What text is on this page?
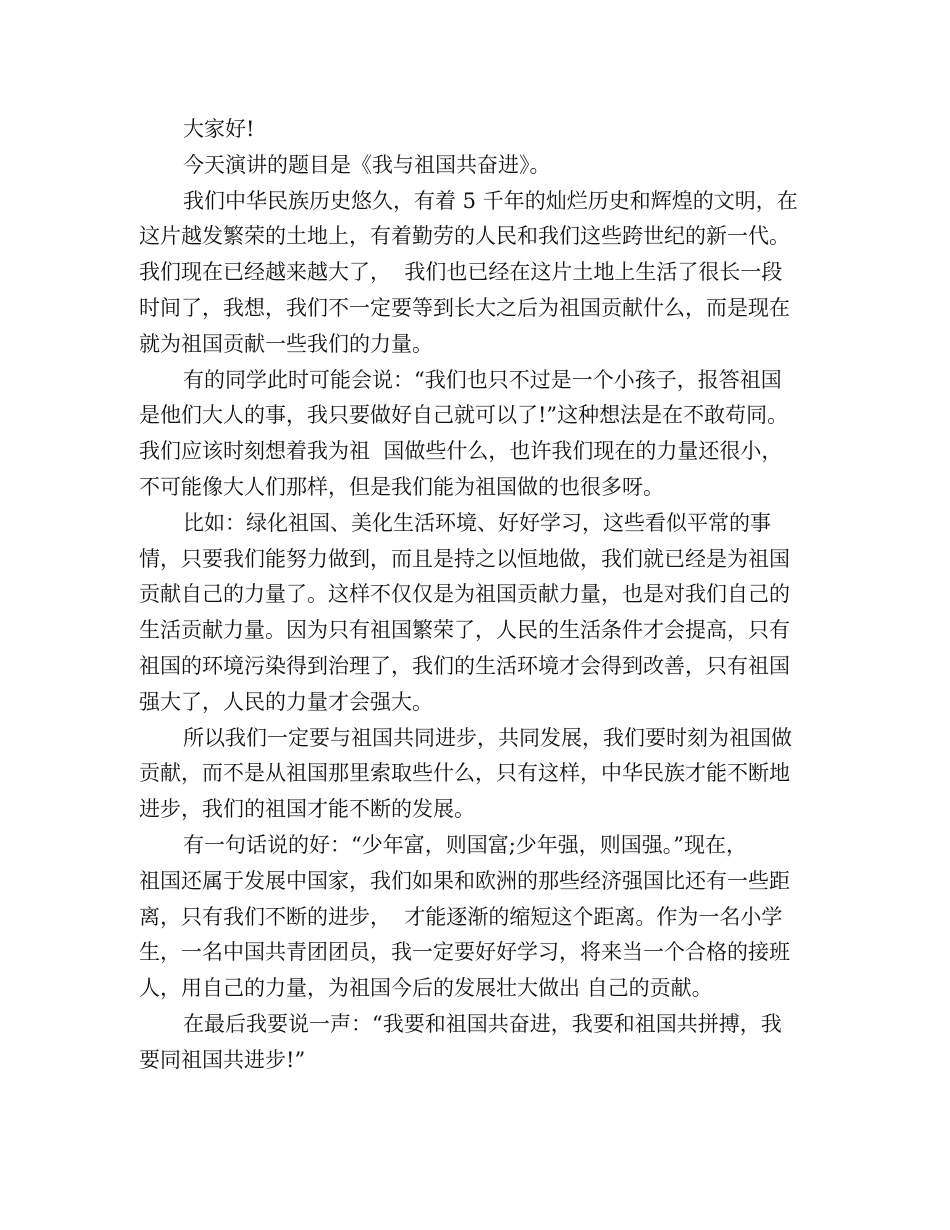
大家好!
今天演讲的题目是《我与祖国共奋进》。
我们中华民族历史悠久，有着 5 千年的灿烂历史和辉煌的文明，在
这片越发繁荣的土地上，有着勤劳的人民和我们这些跨世纪的新一代。
我们现在已经越来越大了，  我们也已经在这片土地上生活了很长一段
时间了，我想，我们不一定要等到长大之后为祖国贡献什么，而是现在
就为祖国贡献一些我们的力量。
有的同学此时可能会说：“我们也只不过是一个小孩子，报答祖国
是他们大人的事，我只要做好自己就可以了!”这种想法是在不敢苟同。
我们应该时刻想着我为祖  国做些什么，也许我们现在的力量还很小，
不可能像大人们那样，但是我们能为祖国做的也很多呀。
比如：绿化祖国、美化生活环境、好好学习，这些看似平常的事
情，只要我们能努力做到，而且是持之以恒地做，我们就已经是为祖国
贡献自己的力量了。这样不仅仅是为祖国贡献力量，也是对我们自己的
生活贡献力量。因为只有祖国繁荣了，人民的生活条件才会提高，只有
祖国的环境污染得到治理了，我们的生活环境才会得到改善，只有祖国
强大了，人民的力量才会强大。
所以我们一定要与祖国共同进步，共同发展，我们要时刻为祖国做
贡献，而不是从祖国那里索取些什么，只有这样，中华民族才能不断地
进步，我们的祖国才能不断的发展。
有一句话说的好：“少年富，则国富;少年强，则国强。”现在，
祖国还属于发展中国家，我们如果和欧洲的那些经济强国比还有一些距
离，只有我们不断的进步，  才能逐渐的缩短这个距离。作为一名小学
生，一名中国共青团团员，我一定要好好学习，将来当一个合格的接班
人，用自己的力量，为祖国今后的发展壮大做出 自己的贡献。
在最后我要说一声：“我要和祖国共奋进，我要和祖国共拼搏，我
要同祖国共进步!”
